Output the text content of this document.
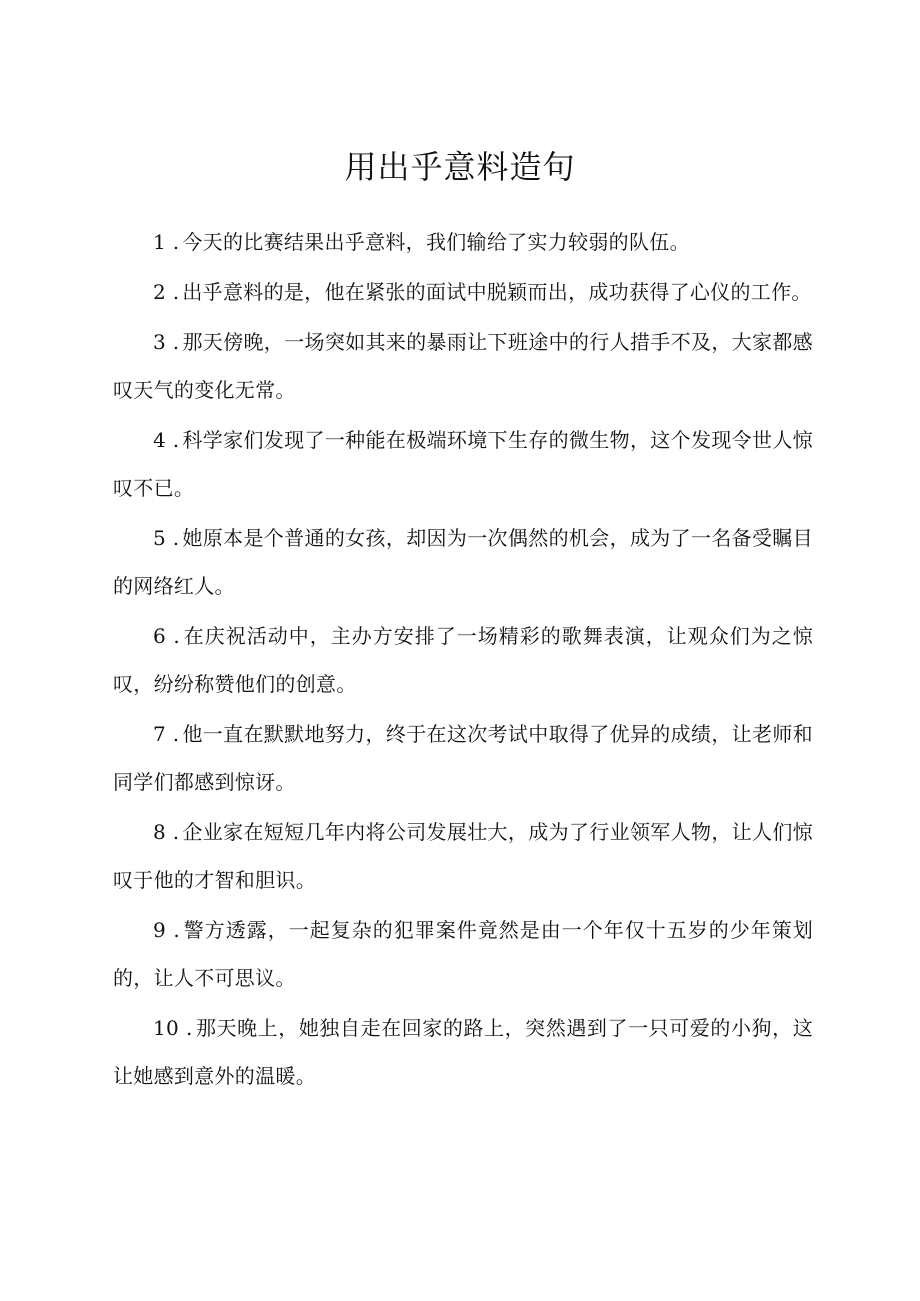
用出乎意料造句
1 . 今天的比赛结果出乎意料，我们输给了实力较弱的队伍。
2 . 出乎意料的是，他在紧张的面试中脱颖而出，成功获得了心仪的工作。
3 . 那天傍晚，一场突如其来的暴雨让下班途中的行人措手不及，大家都感叹天气的变化无常。
4 . 科学家们发现了一种能在极端环境下生存的微生物，这个发现令世人惊叹不已。
5 . 她原本是个普通的女孩，却因为一次偶然的机会，成为了一名备受瞩目的网络红人。
6 . 在庆祝活动中，主办方安排了一场精彩的歌舞表演，让观众们为之惊叹，纷纷称赞他们的创意。
7 . 他一直在默默地努力，终于在这次考试中取得了优异的成绩，让老师和同学们都感到惊讶。
8 . 企业家在短短几年内将公司发展壮大，成为了行业领军人物，让人们惊叹于他的才智和胆识。
9 . 警方透露，一起复杂的犯罪案件竟然是由一个年仅十五岁的少年策划的，让人不可思议。
10 . 那天晚上，她独自走在回家的路上，突然遇到了一只可爱的小狗，这让她感到意外的温暖。
